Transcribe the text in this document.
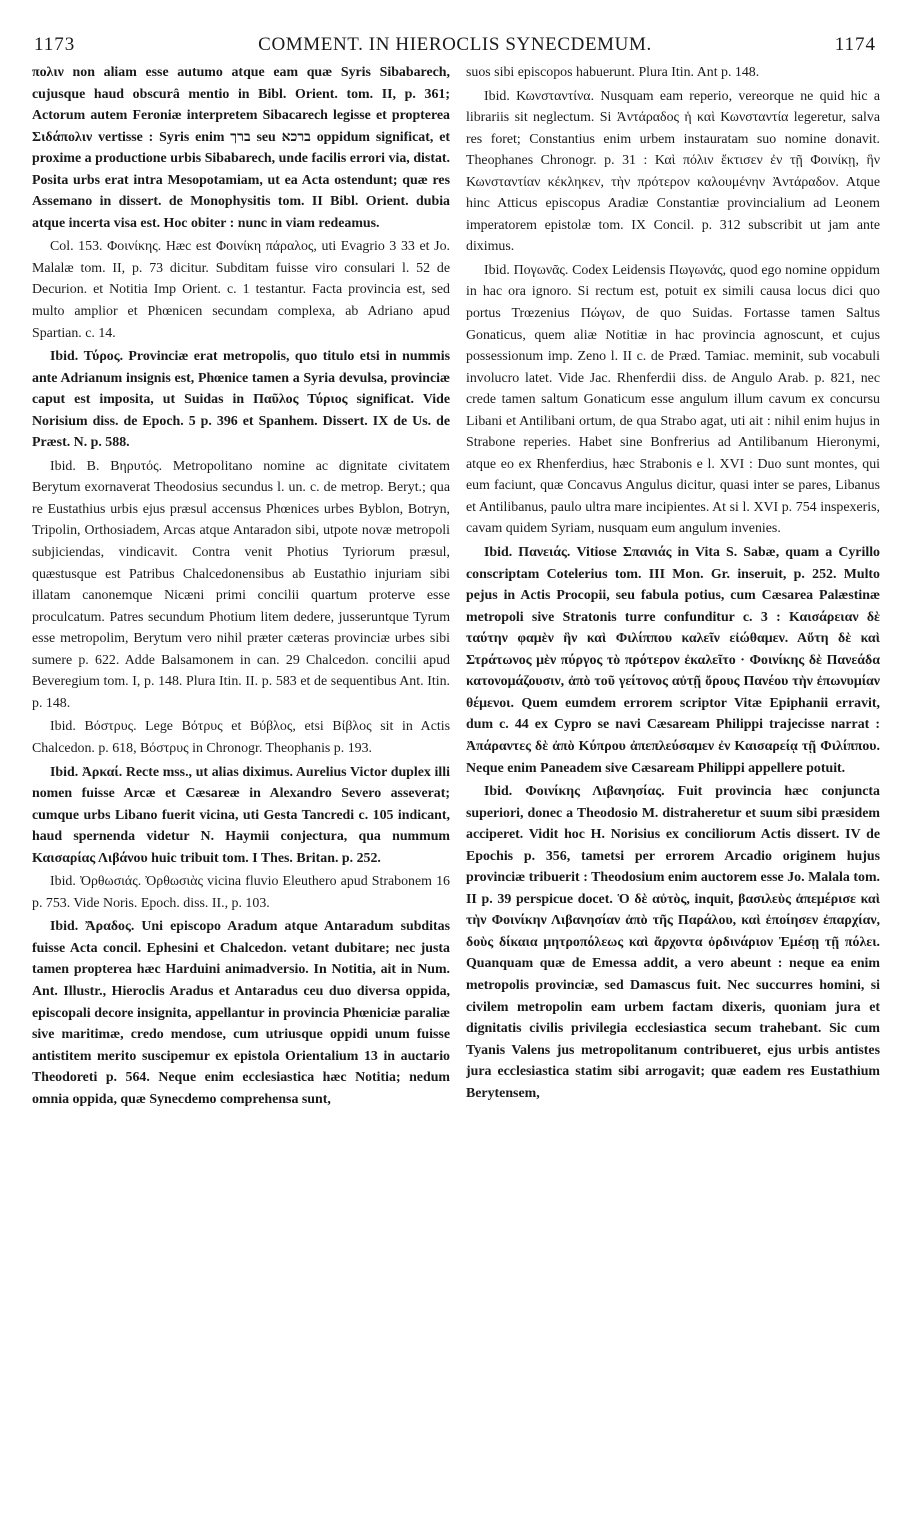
1173	COMMENT. IN HIEROCLIS SYNECDEMUM.	1174

πολιν non aliam esse autumo atque eam quæ Syris Sibabarech, cujusque haud obscurâ mentio in Bibl. Orient. tom. II, p. 361; Actorum autem Feroniæ interpretem Sibacarech legisse et propterea Σιδάπολιν vertisse : Syris enim ברך seu ברכא oppidum significat, et proxime a productione urbis Sibabarech, unde facilis errori via, distat. Posita urbs erat intra Mesopotamiam, ut ea Acta ostendunt; quæ res Assemano in dissert. de Monophysitis tom. II Bibl. Orient. dubia atque incerta visa est. Hoc obiter : nunc in viam redeamus.

Col. 153. Φοινίκης. Hæc est Φοινίκη πάραλος, uti Evagrio 3 33 et Jo. Malalæ tom. II, p. 73 dicitur. Subditam fuisse viro consulari l. 52 de Decurion. et Notitia Imp Orient. c. 1 testantur. Facta provincia est, sed multo amplior et Phœnicen secundam complexa, ab Adriano apud Spartian. c. 14.

Ibid. Τύρος. Provinciæ erat metropolis, quo titulo etsi in nummis ante Adrianum insignis est, Phœnice tamen a Syria devulsa, provinciæ caput est imposita, ut Suidas in Παῦλος Τύριος significat. Vide Norisium diss. de Epoch. 5 p. 396 et Spanhem. Dissert. IX de Us. de Præst. N. p. 588.

Ibid. B. Βηρυτός. Metropolitano nomine ac dignitate civitatem Berytum exornaverat Theodosius secundus l. un. c. de metrop. Beryt.; qua re Eustathius urbis ejus præsul accensus Phœnices urbes Byblon, Botryn, Tripolin, Orthosiadem, Arcas atque Antaradon sibi, utpote novæ metropoli subjiciendas, vindicavit. Contra venit Photius Tyriorum præsul, quæstusque est Patribus Chalcedonensibus ab Eustathio injuriam sibi illatam canonemque Nicæni primi concilii quartum proterve esse proculcatum. Patres secundum Photium litem dedere, jusseruntque Tyrum esse metropolim, Berytum vero nihil præter cæteras provinciæ urbes sibi sumere p. 622. Adde Balsamonem in can. 29 Chalcedon. concilii apud Beveregium tom. I, p. 148. Plura Itin. II. p. 583 et de sequentibus Ant. Itin. p. 148.

Ibid. Βόστρυς. Lege Βότρυς et Βύβλος, etsi Βίβλος sit in Actis Chalcedon. p. 618, Βόστρυς in Chronogr. Theophanis p. 193.

Ibid. Ἀρκαί. Recte mss., ut alias diximus. Aurelius Victor duplex illi nomen fuisse Arcæ et Cæsareæ in Alexandro Severo asseverat; cumque urbs Libano fuerit vicina, uti Gesta Tancredi c. 105 indicant, haud spernenda videtur N. Haymii conjectura, qua nummum Καισαρίας Λιβάνου huic tribuit tom. I Thes. Britan. p. 252.

Ibid. Ὀρθωσιάς. Ὀρθωσιὰς vicina fluvio Eleuthero apud Strabonem 16 p. 753. Vide Noris. Epoch. diss. II., p. 103.

Ibid. Ἄραδος. Uni episcopo Aradum atque Antaradum subditas fuisse Acta concil. Ephesini et Chalcedon. vetant dubitare; nec justa tamen propterea hæc Harduini animadversio. In Notitia, ait in Num. Ant. Illustr., Hieroclis Aradus et Antaradus ceu duo diversa oppida, episcopali decore insignita, appellantur in provincia Phœniciæ paraliæ sive maritimæ, credo mendose, cum utriusque oppidi unum fuisse antistitem merito suscipemur ex epistola Orientalium 13 in auctario Theodoreti p. 564. Neque enim ecclesiastica hæc Notitia; nedum omnia oppida, quæ Synecdemo comprehensa sunt,

suos sibi episcopos habuerunt. Plura Itin. Ant p. 148.

Ibid. Κωνσταντίνα. Nusquam eam reperio, vereorque ne quid hic a librariis sit neglectum. Si Ἀντάραδος ἡ καὶ Κωνσταντία legeretur, salva res foret; Constantius enim urbem instauratam suo nomine donavit. Theophanes Chronogr. p. 31 : Καὶ πόλιν ἔκτισεν ἐν τῇ Φοινίκῃ, ἣν Κωνσταντίαν κέκληκεν, τὴν πρότερον καλουμένην Ἀντάραδον. Atque hinc Atticus episcopus Aradiæ Constantiæ provincialium ad Leonem imperatorem epistolæ tom. IX Concil. p. 312 subscribit ut jam ante diximus.

Ibid. Πογωνᾶς. Codex Leidensis Πωγωνάς, quod ego nomine oppidum in hac ora ignoro. Si rectum est, potuit ex simili causa locus dici quo portus Trœzenius Πώγων, de quo Suidas. Fortasse tamen Saltus Gonaticus, quem aliæ Notitiæ in hac provincia agnoscunt, et cujus possessionum imp. Zeno l. II c. de Præd. Tamiac. meminit, sub vocabuli involucro latet. Vide Jac. Rhenferdii diss. de Angulo Arab. p. 821, nec crede tamen saltum Gonaticum esse angulum illum cavum ex concursu Libani et Antilibani ortum, de qua Strabo agat, uti ait : nihil enim hujus in Strabone reperies. Habet sine Bonfrerius ad Antilibanum Hieronymi, atque eo ex Rhenferdius, hæc Strabonis e l. XVI : Duo sunt montes, qui eum faciunt, quæ Concavus Angulus dicitur, quasi inter se pares, Libanus et Antilibanus, paulo ultra mare incipientes. At si l. XVI p. 754 inspexeris, cavam quidem Syriam, nusquam eum angulum invenies.

Ibid. Πανειάς. Vitiose Σπανιάς in Vita S. Sabæ, quam a Cyrillo conscriptam Cotelerius tom. III Mon. Gr. inseruit, p. 252. Multo pejus in Actis Procopii, seu fabula potius, cum Cæsarea Palæstinæ metropoli sive Stratonis turre confunditur c. 3 : Καισάρειαν δὲ ταύτην φαμὲν ἣν καὶ Φιλίππου καλεῖν εἰώθαμεν. Αὕτη δὲ καὶ Στράτωνος μὲν πύργος τὸ πρότερον ἐκαλεῖτο · Φοινίκης δὲ Πανεάδα κατονομάζουσιν, ἀπὸ τοῦ γείτονος αὐτῇ ὄρους Πανέου τὴν ἐπωνυμίαν θέμενοι. Quem eumdem errorem scriptor Vitæ Epiphanii erravit, dum c. 44 ex Cypro se navi Cæsaream Philippi trajecisse narrat : Ἀπάραντες δὲ ἀπὸ Κύπρου ἀπεπλεύσαμεν ἐν Καισαρείᾳ τῇ Φιλίππου. Neque enim Paneadem sive Cæsaream Philippi appellere potuit.

Ibid. Φοινίκης Λιβανησίας. Fuit provincia hæc conjuncta superiori, donec a Theodosio M. distraheretur et suum sibi præsidem acciperet. Vidit hoc H. Norisius ex conciliorum Actis dissert. IV de Epochis p. 356, tametsi per errorem Arcadio originem hujus provinciæ tribuerit : Theodosium enim auctorem esse Jo. Malala tom. II p. 39 perspicue docet. Ὁ δὲ αὐτὸς, inquit, βασιλεὺς ἀπεμέρισε καὶ τὴν Φοινίκην Λιβανησίαν ἀπὸ τῆς Παράλου, καὶ ἐποίησεν ἐπαρχίαν, δοὺς δίκαια μητροπόλεως καὶ ἄρχοντα ὀρδινάριον Ἐμέσῃ τῇ πόλει. Quanquam quæ de Emessa addit, a vero abeunt : neque ea enim metropolis provinciæ, sed Damascus fuit. Nec succurres homini, si civilem metropolin eam urbem factam dixeris, quoniam jura et dignitatis civilis privilegia ecclesiastica secum trahebant. Sic cum Tyanis Valens jus metropolitanum contribueret, ejus urbis antistes jura ecclesiastica statim sibi arrogavit; quæ eadem res Eustathium Berytensem,
